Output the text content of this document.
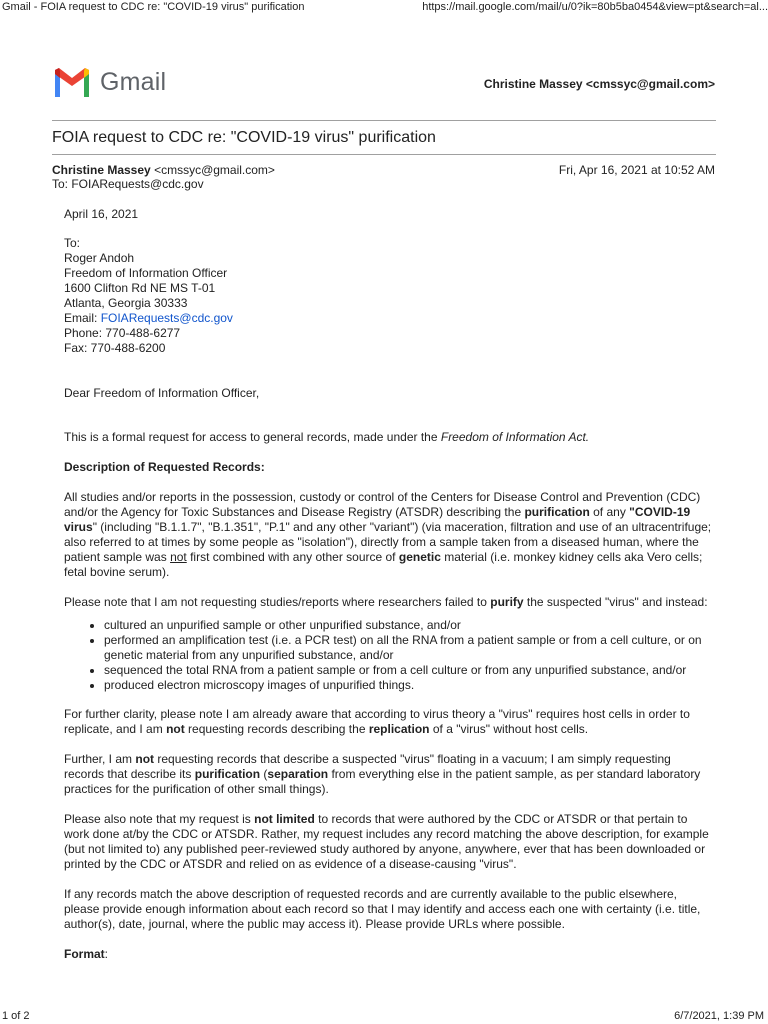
Gmail - FOIA request to CDC re: "COVID-19 virus" purification	https://mail.google.com/mail/u/0?ik=80b5ba0454&view=pt&search=al...
Gmail	Christine Massey <cmssyc@gmail.com>
FOIA request to CDC re: "COVID-19 virus" purification
Christine Massey <cmssyc@gmail.com>	Fri, Apr 16, 2021 at 10:52 AM
To: FOIARequests@cdc.gov

April 16, 2021

To:

Roger Andoh

Freedom of Information Officer

1600 Clifton Rd NE MS T-01

Atlanta, Georgia 30333

Email: FOIARequests@cdc.gov

Phone: 770-488-6277

Fax: 770-488-6200

Dear Freedom of Information Officer,

This is a formal request for access to general records, made under the Freedom of Information Act.

Description of Requested Records:

All studies and/or reports in the possession, custody or control of the Centers for Disease Control and Prevention (CDC) and/or the Agency for Toxic Substances and Disease Registry (ATSDR) describing the purification of any "COVID-19 virus" (including "B.1.1.7", "B.1.351", "P.1" and any other "variant") (via maceration, filtration and use of an ultracentrifuge; also referred to at times by some people as "isolation"), directly from a sample taken from a diseased human, where the patient sample was not first combined with any other source of genetic material (i.e. monkey kidney cells aka Vero cells; fetal bovine serum).

Please note that I am not requesting studies/reports where researchers failed to purify the suspected "virus" and instead:

• cultured an unpurified sample or other unpurified substance, and/or
• performed an amplification test (i.e. a PCR test) on all the RNA from a patient sample or from a cell culture, or on genetic material from any unpurified substance, and/or
• sequenced the total RNA from a patient sample or from a cell culture or from any unpurified substance, and/or
• produced electron microscopy images of unpurified things.

For further clarity, please note I am already aware that according to virus theory a "virus" requires host cells in order to replicate, and I am not requesting records describing the replication of a "virus" without host cells.

Further, I am not requesting records that describe a suspected "virus" floating in a vacuum; I am simply requesting records that describe its purification (separation from everything else in the patient sample, as per standard laboratory practices for the purification of other small things).

Please also note that my request is not limited to records that were authored by the CDC or ATSDR or that pertain to work done at/by the CDC or ATSDR. Rather, my request includes any record matching the above description, for example (but not limited to) any published peer-reviewed study authored by anyone, anywhere, ever that has been downloaded or printed by the CDC or ATSDR and relied on as evidence of a disease-causing "virus".

If any records match the above description of requested records and are currently available to the public elsewhere, please provide enough information about each record so that I may identify and access each one with certainty (i.e. title, author(s), date, journal, where the public may access it). Please provide URLs where possible.

Format:

1 of 2	6/7/2021, 1:39 PM
